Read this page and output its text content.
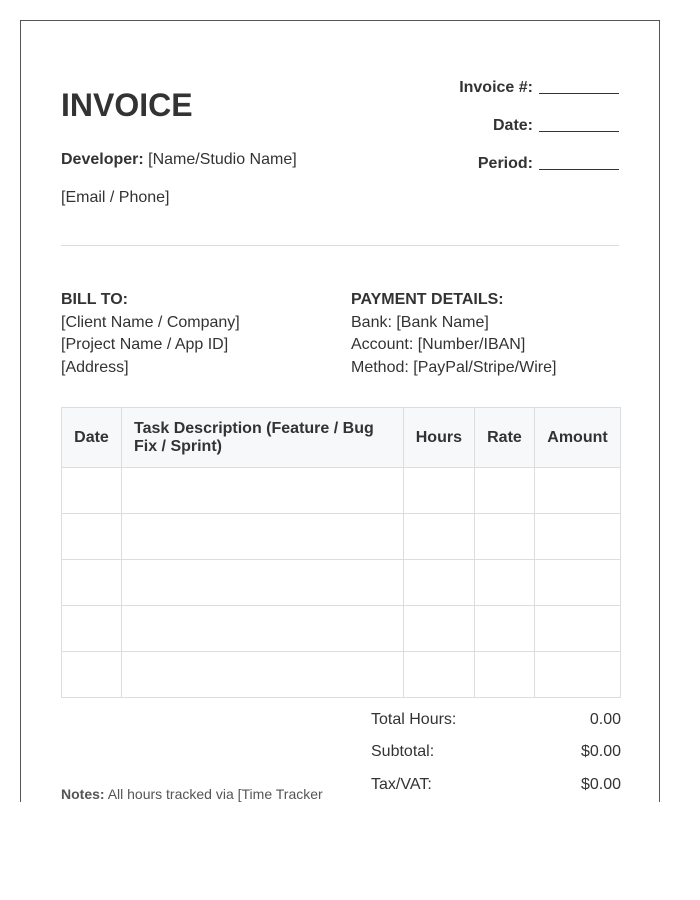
INVOICE
Developer: [Name/Studio Name]
[Email / Phone]
Invoice #:
Date:
Period:
BILL TO:
[Client Name / Company]
[Project Name / App ID]
[Address]
PAYMENT DETAILS:
Bank: [Bank Name]
Account: [Number/IBAN]
Method: [PayPal/Stripe/Wire]
Date	Task Description (Feature / Bug Fix / Sprint)	Hours	Rate	Amount

Total Hours:	0.00
Subtotal:	$0.00
Tax/VAT:	$0.00
Notes: All hours tracked via [Time Tracker
